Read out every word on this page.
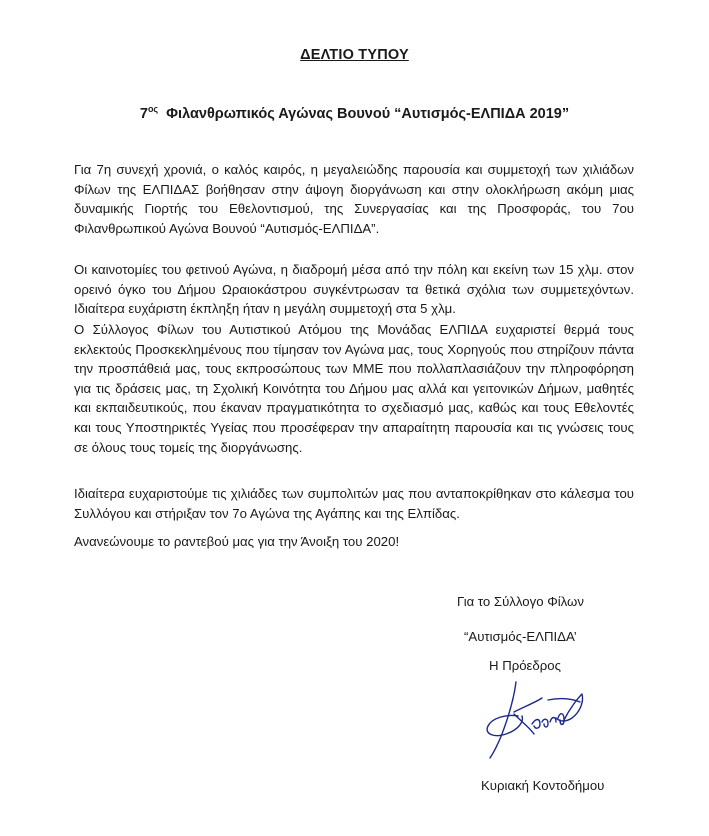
ΔΕΛΤΙΟ ΤΥΠΟΥ
$7^{o\varsigma}$ Φιλανθρωπικός Αγώνας Βουνού “Αυτισμός-ΕΛΠΙΔΑ 2019”
Για 7η συνεχή χρονιά, ο καλός καιρός, η μεγαλειώδης παρουσία και συμμετοχή των χιλιάδων Φίλων της ΕΛΠΙΔΑΣ βοήθησαν στην άψογη διοργάνωση και στην ολοκλήρωση ακόμη μιας δυναμικής Γιορτής του Εθελοντισμού, της Συνεργασίας και της Προσφοράς, του 7ου Φιλανθρωπικού Αγώνα Βουνού “Αυτισμός-ΕΛΠΙΔΑ”.
Οι καινοτομίες του φετινού Αγώνα, η διαδρομή μέσα από την πόλη και εκείνη των 15 χλμ. στον ορεινό όγκο του Δήμου Ωραιοκάστρου συγκέντρωσαν τα θετικά σχόλια των συμμετεχόντων. Ιδιαίτερα ευχάριστη έκπληξη ήταν η μεγάλη συμμετοχή στα 5 χλμ.
Ο Σύλλογος Φίλων του Αυτιστικού Ατόμου της Μονάδας ΕΛΠΙΔΑ ευχαριστεί θερμά τους εκλεκτούς Προσκεκλημένους που τίμησαν τον Αγώνα μας, τους Χορηγούς που στηρίζουν πάντα την προσπάθειά μας, τους εκπροσώπους των ΜΜΕ που πολλαπλασιάζουν την πληροφόρηση για τις δράσεις μας, τη Σχολική Κοινότητα του Δήμου μας αλλά και γειτονικών Δήμων, μαθητές και εκπαιδευτικούς, που έκαναν πραγματικότητα το σχεδιασμό μας, καθώς και τους Εθελοντές και τους Υποστηρικτές Υγείας που προσέφεραν την απαραίτητη παρουσία και τις γνώσεις τους σε όλους τους τομείς της διοργάνωσης.
Ιδιαίτερα ευχαριστούμε τις χιλιάδες των συμπολιτών μας που ανταποκρίθηκαν στο κάλεσμα του Συλλόγου και στήριξαν τον 7ο Αγώνα της Αγάπης και της Ελπίδας.
Ανανεώνουμε το ραντεβού μας για την Άνοιξη του 2020!
Για το Σύλλογο Φίλων
“Αυτισμός-ΕΛΠΙΔΑ’
Η Πρόεδρος
Κυριακή Κοντοδήμου
